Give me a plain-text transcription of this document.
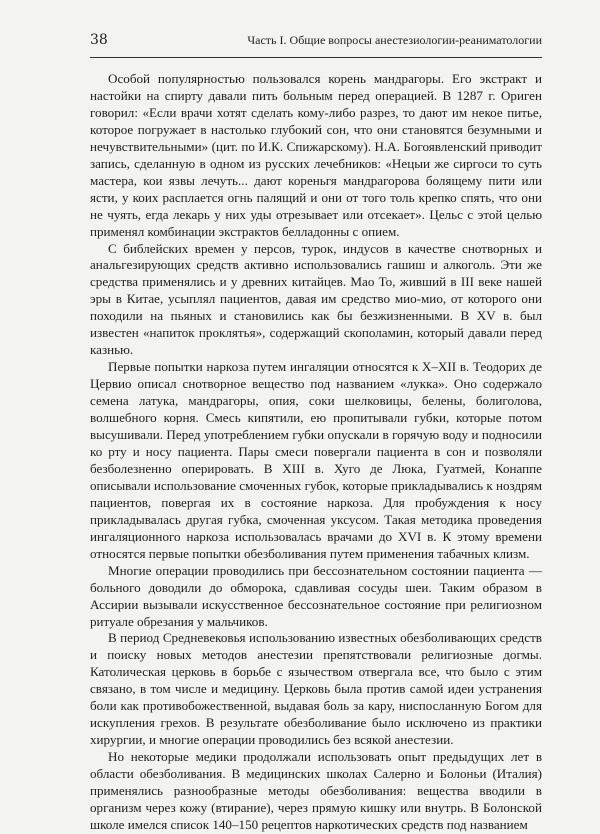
38	Часть I. Общие вопросы анестезиологии-реаниматологии

Особой популярностью пользовался корень мандрагоры. Его экстракт и настойки на спирту давали пить больным перед операцией. В 1287 г. Ориген говорил: «Если врачи хотят сделать кому-либо разрез, то дают им некое питье, которое погружает в настолько глубокий сон, что они становятся безумными и нечувствительными» (цит. по И.К. Спижарскому). Н.А. Богоявленский приводит запись, сделанную в одном из русских лечебников: «Нецыи же сиргоси то суть мастера, кои язвы лечуть... дают кореньгя мандрагорова болящему пити или ясти, у коих расплается огнь палящий и они от того толь крепко спять, что они не чуять, егда лекарь у них уды отрезывает или отсекает». Цельс с этой целью применял комбинации экстрактов белладонны с опием.

С библейских времен у персов, турок, индусов в качестве снотворных и анальгезирующих средств активно использовались гашиш и алкоголь. Эти же средства применялись и у древних китайцев. Мао То, живший в III веке нашей эры в Китае, усыплял пациентов, давая им средство мио-мио, от которого они походили на пьяных и становились как бы безжизненными. В XV в. был известен «напиток проклятья», содержащий скополамин, который давали перед казнью.

Первые попытки наркоза путем ингаляции относятся к X–XII в. Теодорих де Цервио описал снотворное вещество под названием «лукка». Оно содержало семена латука, мандрагоры, опия, соки шелковицы, белены, болиголова, волшебного корня. Смесь кипятили, ею пропитывали губки, которые потом высушивали. Перед употреблением губки опускали в горячую воду и подносили ко рту и носу пациента. Пары смеси повергали пациента в сон и позволяли безболезненно оперировать. В XIII в. Хуго де Люка, Гуатмей, Конаппе описывали использование смоченных губок, которые прикладывались к ноздрям пациентов, повергая их в состояние наркоза. Для пробуждения к носу прикладывалась другая губка, смоченная уксусом. Такая методика проведения ингаляционного наркоза использовалась врачами до XVI в. К этому времени относятся первые попытки обезболивания путем применения табачных клизм.

Многие операции проводились при бессознательном состоянии пациента — больного доводили до обморока, сдавливая сосуды шеи. Таким образом в Ассирии вызывали искусственное бессознательное состояние при религиозном ритуале обрезания у мальчиков.

В период Средневековья использованию известных обезболивающих средств и поиску новых методов анестезии препятствовали религиозные догмы. Католическая церковь в борьбе с язычеством отвергала все, что было с этим связано, в том числе и медицину. Церковь была против самой идеи устранения боли как противобожественной, выдавая боль за кару, ниспосланную Богом для искупления грехов. В результате обезболивание было исключено из практики хирургии, и многие операции проводились без всякой анестезии.

Но некоторые медики продолжали использовать опыт предыдущих лет в области обезболивания. В медицинских школах Салерно и Болоньи (Италия) применялись разнообразные методы обезболивания: вещества вводили в организм через кожу (втирание), через прямую кишку или внутрь. В Болонской школе имелся список 140–150 рецептов наркотических средств под названием
